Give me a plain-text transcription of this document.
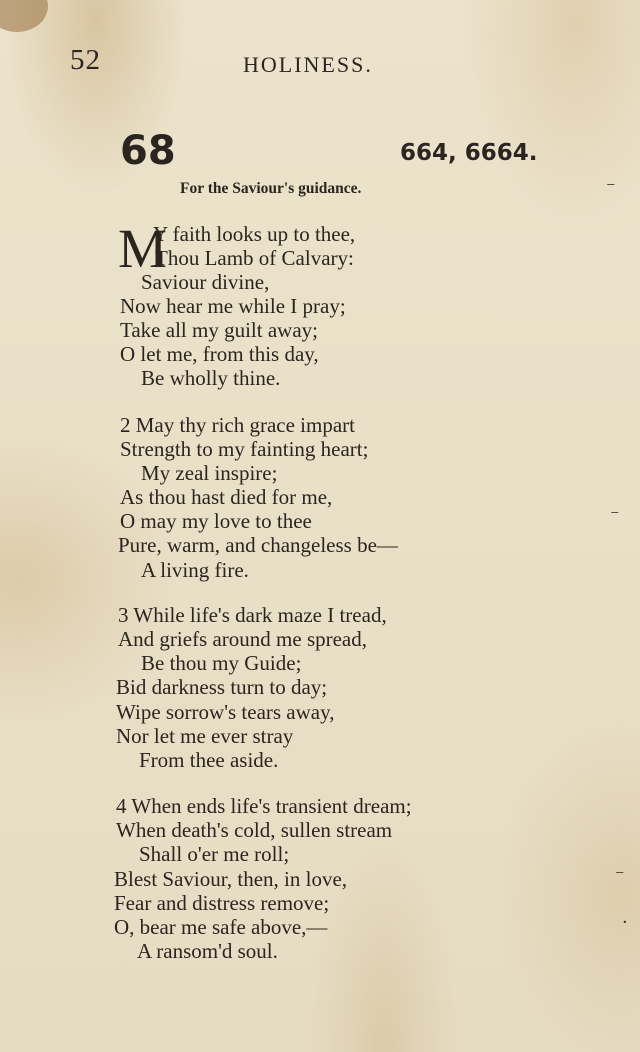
52	HOLINESS.
68	664, 6664.
For the Saviour's guidance.
M
Y faith looks up to thee,
Thou Lamb of Calvary:
Saviour divine,
Now hear me while I pray;
Take all my guilt away;
O let me, from this day,
Be wholly thine.
2 May thy rich grace impart
Strength to my fainting heart;
My zeal inspire;
As thou hast died for me,
O may my love to thee
Pure, warm, and changeless be—
A living fire.
3 While life's dark maze I tread,
And griefs around me spread,
Be thou my Guide;
Bid darkness turn to day;
Wipe sorrow's tears away,
Nor let me ever stray
From thee aside.
4 When ends life's transient dream;
When death's cold, sullen stream
Shall o'er me roll;
Blest Saviour, then, in love,
Fear and distress remove;
O, bear me safe above,—
A ransom'd soul.
⁻
⁻
⁻
·
